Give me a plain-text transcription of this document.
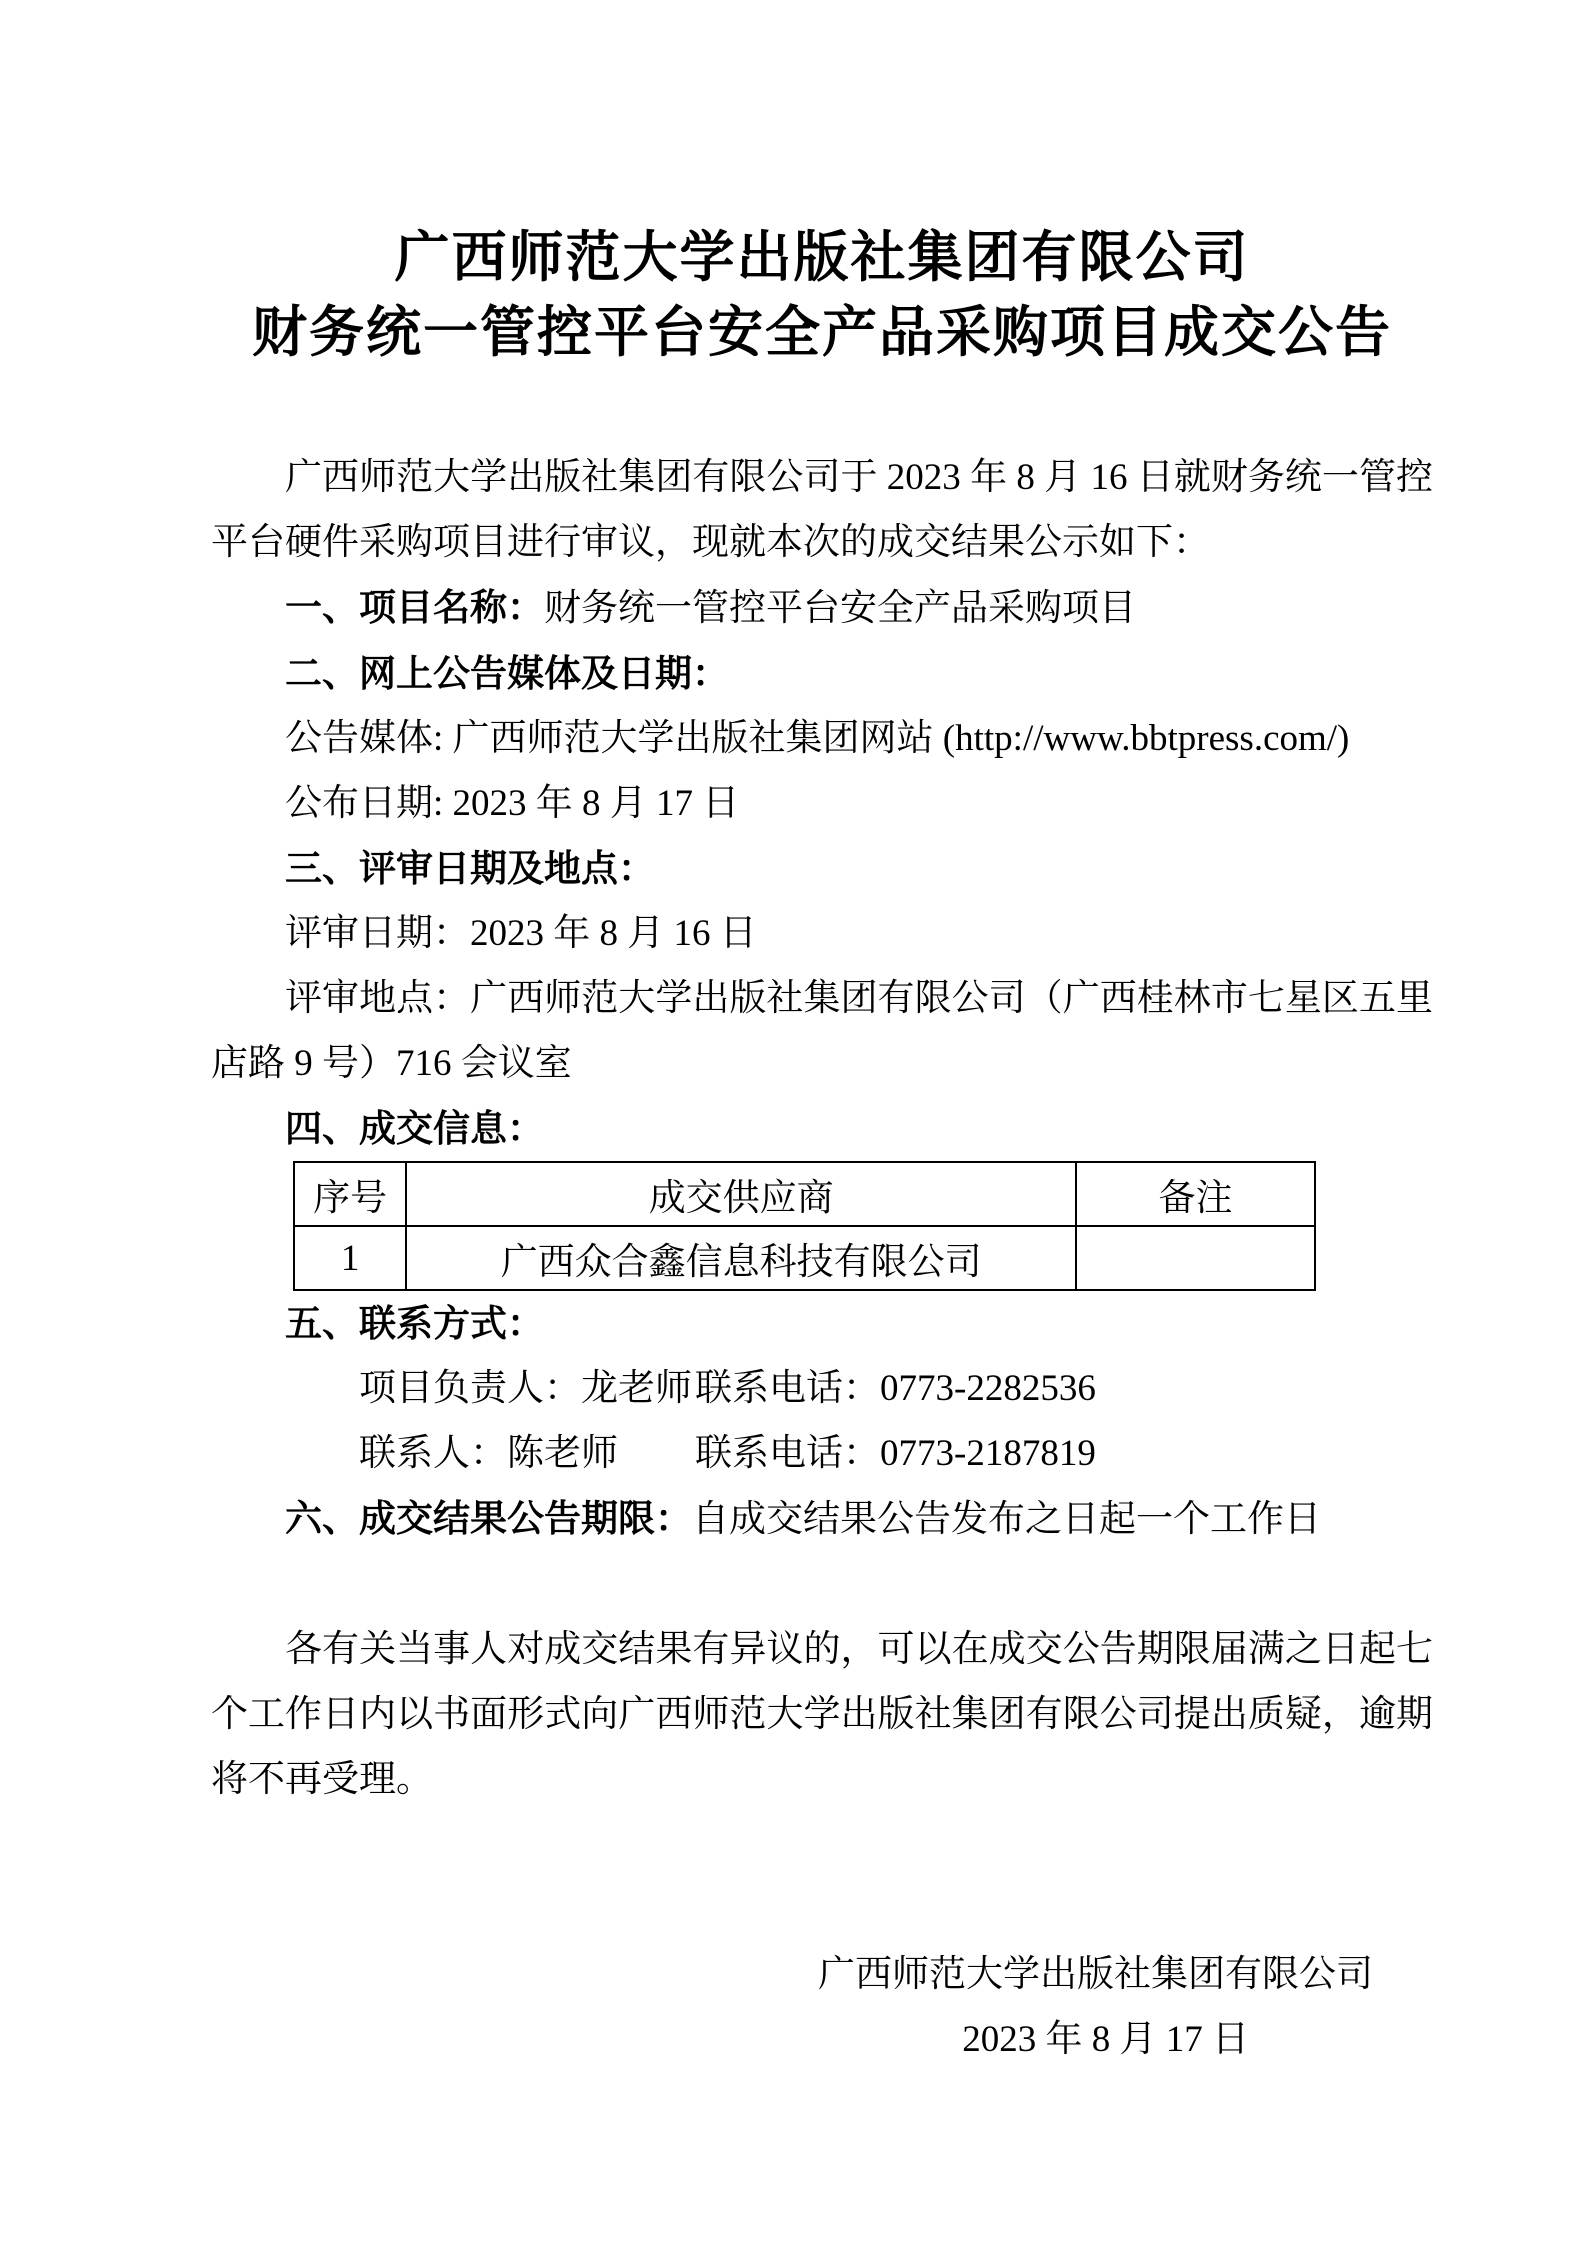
广西师范大学出版社集团有限公司
财务统一管控平台安全产品采购项目成交公告
广西师范大学出版社集团有限公司于 2023 年 8 月 16 日就财务统一管控平台硬件采购项目进行审议，现就本次的成交结果公示如下：
一、项目名称：财务统一管控平台安全产品采购项目
二、网上公告媒体及日期：
公告媒体: 广西师范大学出版社集团网站 (http://www.bbtpress.com/)
公布日期: 2023 年 8 月 17 日
三、评审日期及地点：
评审日期：2023 年 8 月 16 日
评审地点：广西师范大学出版社集团有限公司（广西桂林市七星区五里店路 9 号）716 会议室
四、成交信息：
序号	成交供应商	备注
1	广西众合鑫信息科技有限公司	
五、联系方式：
项目负责人：龙老师联系电话：0773-2282536
联系人：陈老师 联系电话：0773-2187819
六、成交结果公告期限：自成交结果公告发布之日起一个工作日
各有关当事人对成交结果有异议的，可以在成交公告期限届满之日起七个工作日内以书面形式向广西师范大学出版社集团有限公司提出质疑，逾期将不再受理。
广西师范大学出版社集团有限公司
2023 年 8 月 17 日
